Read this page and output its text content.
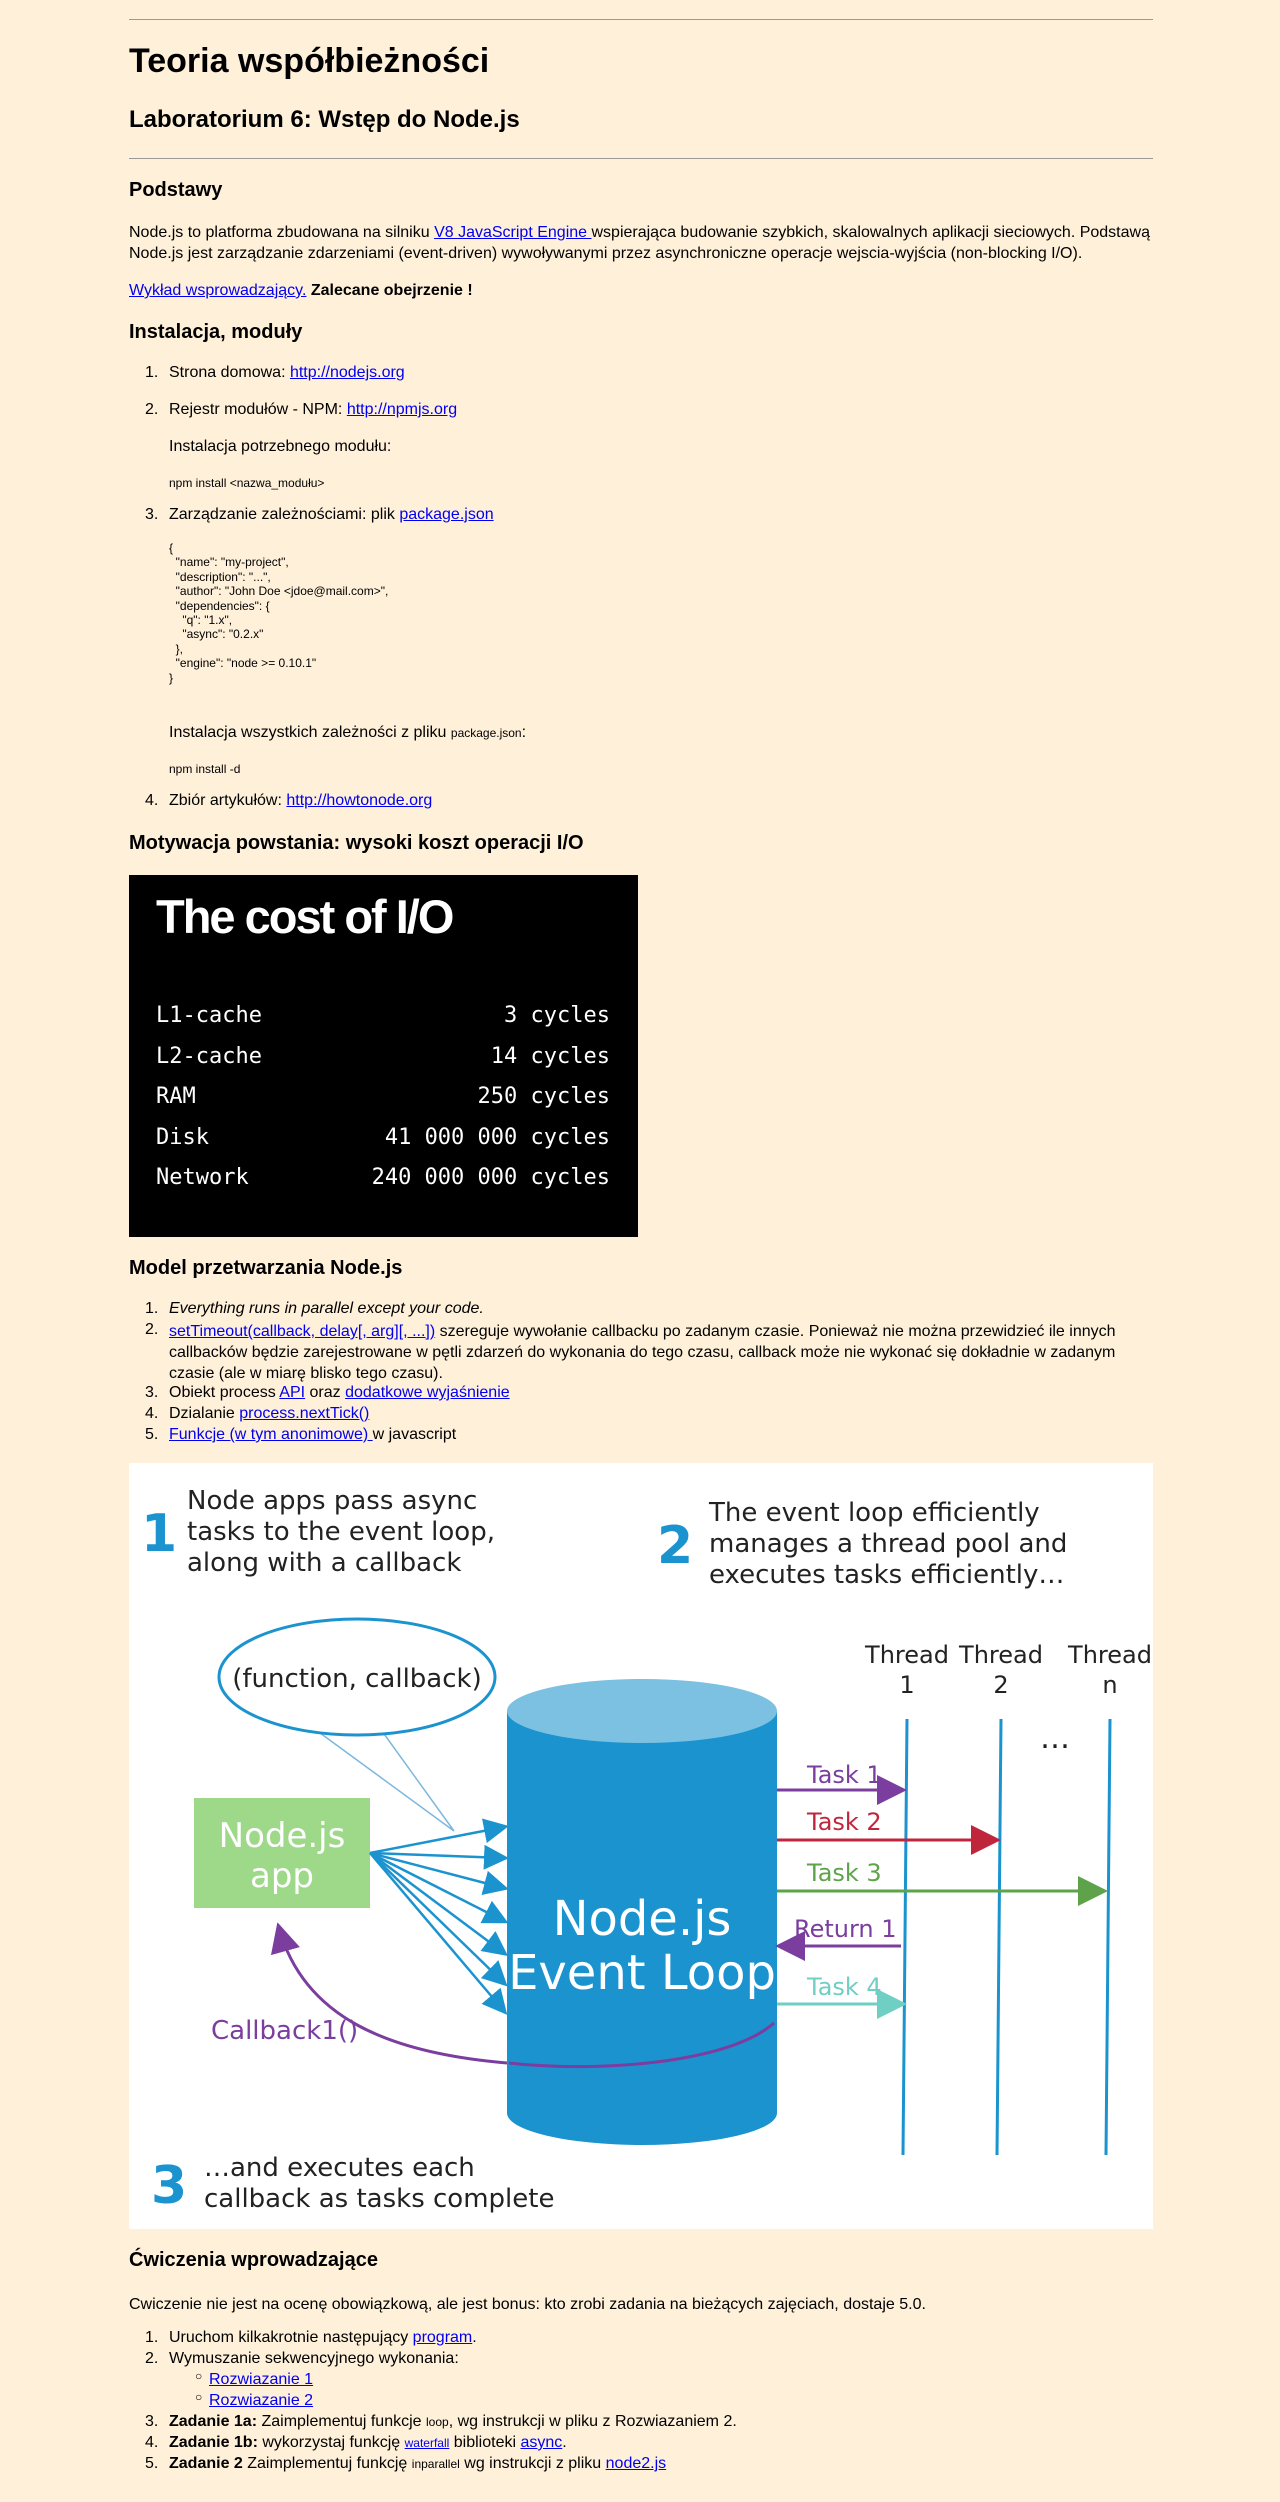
Teoria współbieżności
Laboratorium 6: Wstęp do Node.js
Podstawy

Node.js to platforma zbudowana na silniku V8 JavaScript Engine wspierająca budowanie szybkich, skalowalnych aplikacji sieciowych. Podstawą Node.js jest zarządzanie zdarzeniami (event-driven) wywoływanymi przez asynchroniczne operacje wejscia-wyjścia (non-blocking I/O).

Wykład wsprowadzający. Zalecane obejrzenie !

Instalacja, moduły
1. Strona domowa: http://nodejs.org
2. Rejestr modułów - NPM: http://npmjs.org
Instalacja potrzebnego modułu:
npm install <nazwa_modułu>
3. Zarządzanie zależnościami: plik package.json
{
"name": "my-project",
"description": "...",
"author": "John Doe <jdoe@mail.com>",
"dependencies": {
"q": "1.x",
"async": "0.2.x"
},
"engine": "node >= 0.10.1"
}
Instalacja wszystkich zależności z pliku package.json:
npm install -d
4. Zbiór artykułów: http://howtonode.org
Motywacja powstania: wysoki koszt operacji I/O
The cost of I/O
L1-cache	3 cycles
L2-cache	14 cycles
RAM	250 cycles
Disk	41 000 000 cycles
Network	240 000 000 cycles
Model przetwarzania Node.js
1. Everything runs in parallel except your code.
2. setTimeout(callback, delay[, arg][, ...]) szereguje wywołanie callbacku po zadanym czasie. Ponieważ nie można przewidzieć ile innych callbacków będzie zarejestrowane w pętli zdarzeń do wykonania do tego czasu, callback może nie wykonać się dokładnie w zadanym czasie (ale w miarę blisko tego czasu).
3. Obiekt process API oraz dodatkowe wyjaśnienie
4. Dzialanie process.nextTick()
5. Funkcje (w tym anonimowe) w javascript
1
Node apps pass async
tasks to the event loop,
along with a callback	2
The event loop efficiently
manages a thread pool and
executes tasks efficiently…
(function, callback)
Node.js
app
Node.js
Event Loop
Thread
1
Thread
2
Thread
n
…
Task 1
Task 2
Task 3
Return 1
Task 4
Callback1()
3 …and executes each
callback as tasks complete
Ćwiczenia wprowadzające

Cwiczenie nie jest na ocenę obowiązkową, ale jest bonus: kto zrobi zadania na bieżących zajęciach, dostaje 5.0.

1. Uruchom kilkakrotnie następujący program.
2. Wymuszanie sekwencyjnego wykonania:
○ Rozwiazanie 1
○ Rozwiazanie 2
3. Zadanie 1a: Zaimplementuj funkcje loop, wg instrukcji w pliku z Rozwiazaniem 2.
4. Zadanie 1b: wykorzystaj funkcję waterfall biblioteki async.
5. Zadanie 2 Zaimplementuj funkcję inparallel wg instrukcji z pliku node2.js
